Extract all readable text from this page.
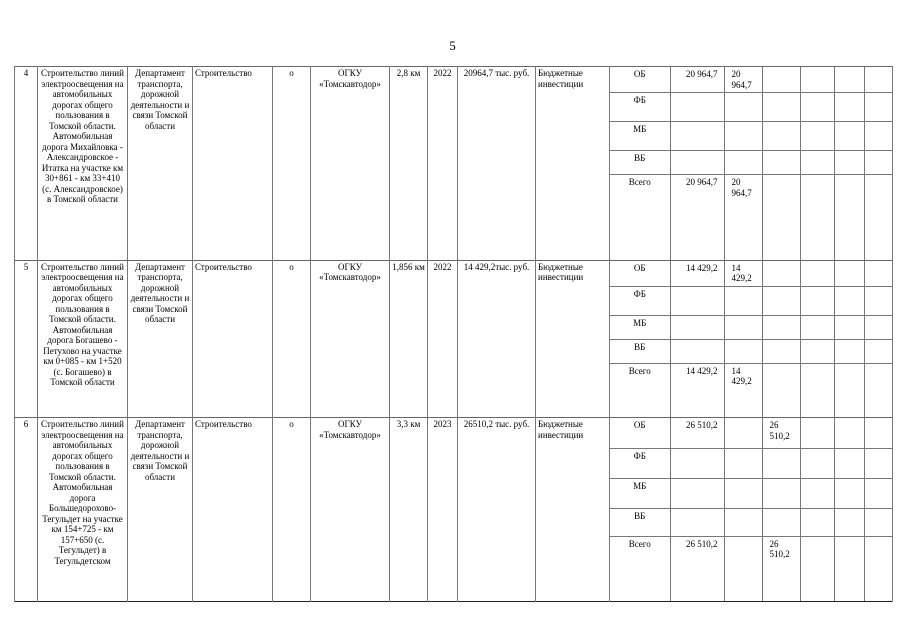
5
4	Строительство линий электроосвещения на автомобильных дорогах общего пользования в Томской области. Автомобильная дорога Михайловка - Александровское - Итатка на участке км 30+861 - км 33+410 (с. Александровское) в Томской области	Департамент транспорта, дорожной деятельности и связи Томской области	Строительство	о	ОГКУ «Томскавтодор»	2,8 км	2022	20964,7 тыс. руб.	Бюджетные инвестиции	
ОБ	20 964,7	20 964,7				
ФБ						
МБ						
ВБ						
Всего	20 964,7	20 964,7				

5	Строительство линий электроосвещения на автомобильных дорогах общего пользования в Томской области. Автомобильная дорога Богашево - Петухово на участке км 0+085 - км 1+520 (с. Богашево) в Томской области	Департамент транспорта, дорожной деятельности и связи Томской области	Строительство	о	ОГКУ «Томскавтодор»	1,856 км	2022	14 429,2тыс. руб.	Бюджетные инвестиции	
ОБ	14 429,2	14 429,2				
ФБ						
МБ						
ВБ						
Всего	14 429,2	14 429,2				

6	Строительство линий электроосвещения на автомобильных дорогах общего пользования в Томской области. Автомобильная дорога Большедорохово- Тегульдет на участке км 154+725 - км 157+650 (с. Тегульдет) в Тегульдетском	Департамент транспорта, дорожной деятельности и связи Томской области	Строительство	о	ОГКУ «Томскавтодор»	3,3 км	2023	26510,2 тыс. руб.	Бюджетные инвестиции	
ОБ	26 510,2		26 510,2			
ФБ						
МБ						
ВБ						
Всего	26 510,2		26 510,2			
